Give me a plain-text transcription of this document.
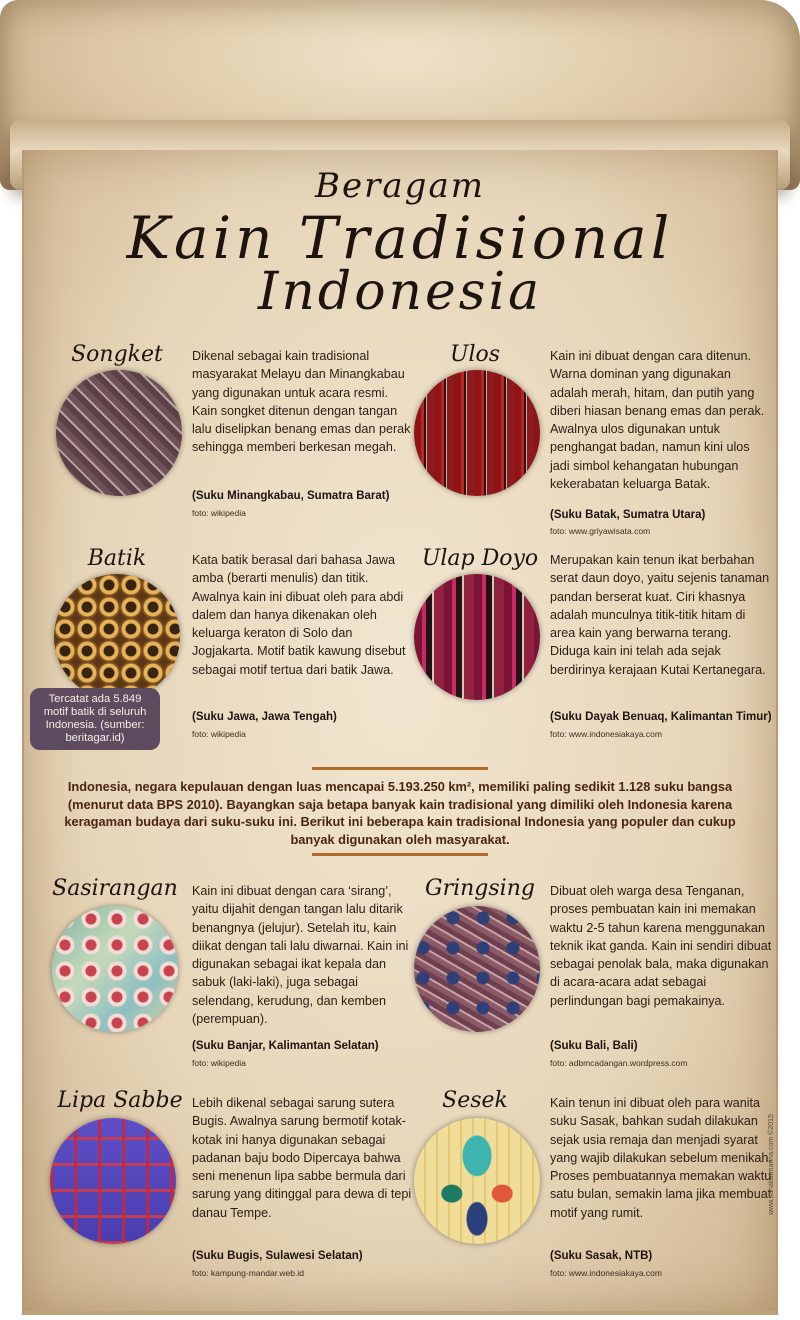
Beragam
Kain Tradisional
Indonesia
Songket	Dikenal sebagai kain tradisional masyarakat Melayu dan Minangkabau yang digunakan untuk acara resmi. Kain songket ditenun dengan tangan lalu diselipkan benang emas dan perak sehingga memberi berkesan megah.
(Suku Minangkabau, Sumatra Barat)
foto: wikipedia
Ulos	Kain ini dibuat dengan cara ditenun. Warna dominan yang digunakan adalah merah, hitam, dan putih yang diberi hiasan benang emas dan perak. Awalnya ulos digunakan untuk penghangat badan, namun kini ulos jadi simbol kehangatan hubungan kekerabatan keluarga Batak.
(Suku Batak, Sumatra Utara)
foto: www.griyawisata.com
Batik	Kata batik berasal dari bahasa Jawa amba (berarti menulis) dan titik. Awalnya kain ini dibuat oleh para abdi dalem dan hanya dikenakan oleh keluarga keraton di Solo dan Jogjakarta. Motif batik kawung disebut sebagai motif tertua dari batik Jawa.
(Suku Jawa, Jawa Tengah)
foto: wikipedia
Tercatat ada 5.849 motif batik di seluruh Indonesia. (sumber: beritagar.id)
Ulap Doyo Merupakan kain tenun ikat berbahan serat daun doyo, yaitu sejenis tanaman pandan berserat kuat. Ciri khasnya adalah munculnya titik-titik hitam di area kain yang berwarna terang. Diduga kain ini telah ada sejak berdirinya kerajaan Kutai Kertanegara.
(Suku Dayak Benuaq, Kalimantan Timur)
foto: www.indonesiakaya.com
Indonesia, negara kepulauan dengan luas mencapai 5.193.250 km², memiliki paling sedikit 1.128 suku bangsa (menurut data BPS 2010). Bayangkan saja betapa banyak kain tradisional yang dimiliki oleh Indonesia karena keragaman budaya dari suku-suku ini. Berikut ini beberapa kain tradisional Indonesia yang populer dan cukup banyak digunakan oleh masyarakat.
Sasirangan	Kain ini dibuat dengan cara ‘sirang’, yaitu dijahit dengan tangan lalu ditarik benangnya (jelujur). Setelah itu, kain diikat dengan tali lalu diwarnai. Kain ini digunakan sebagai ikat kepala dan sabuk (laki-laki), juga sebagai selendang, kerudung, dan kemben (perempuan).
(Suku Banjar, Kalimantan Selatan)
foto: wikipedia
Gringsing	Dibuat oleh warga desa Tenganan, proses pembuatan kain ini memakan waktu 2-5 tahun karena menggunakan teknik ikat ganda. Kain ini sendiri dibuat sebagai penolak bala, maka digunakan di acara-acara adat sebagai perlindungan bagi pemakainya.
(Suku Bali, Bali)
foto: adbmcadangan.wordpress.com
Lipa Sabbe Lebih dikenal sebagai sarung sutera Bugis. Awalnya sarung bermotif kotak-kotak ini hanya digunakan sebagai padanan baju bodo Dipercaya bahwa seni menenun lipa sabbe bermula dari sarung yang ditinggal para dewa di tepi danau Tempe.
(Suku Bugis, Sulawesi Selatan)
foto: kampung-mandar.web.id
Sesek	Kain tenun ini dibuat oleh para wanita suku Sasak, bahkan sudah dilakukan sejak usia remaja dan menjadi syarat yang wajib dilakukan sebelum menikah. Proses pembuatannya memakan waktu satu bulan, semakin lama jika membuat motif yang rumit.
(Suku Sasak, NTB)
foto: www.indonesiakaya.com
www.sahabatmarina.com ©2015
